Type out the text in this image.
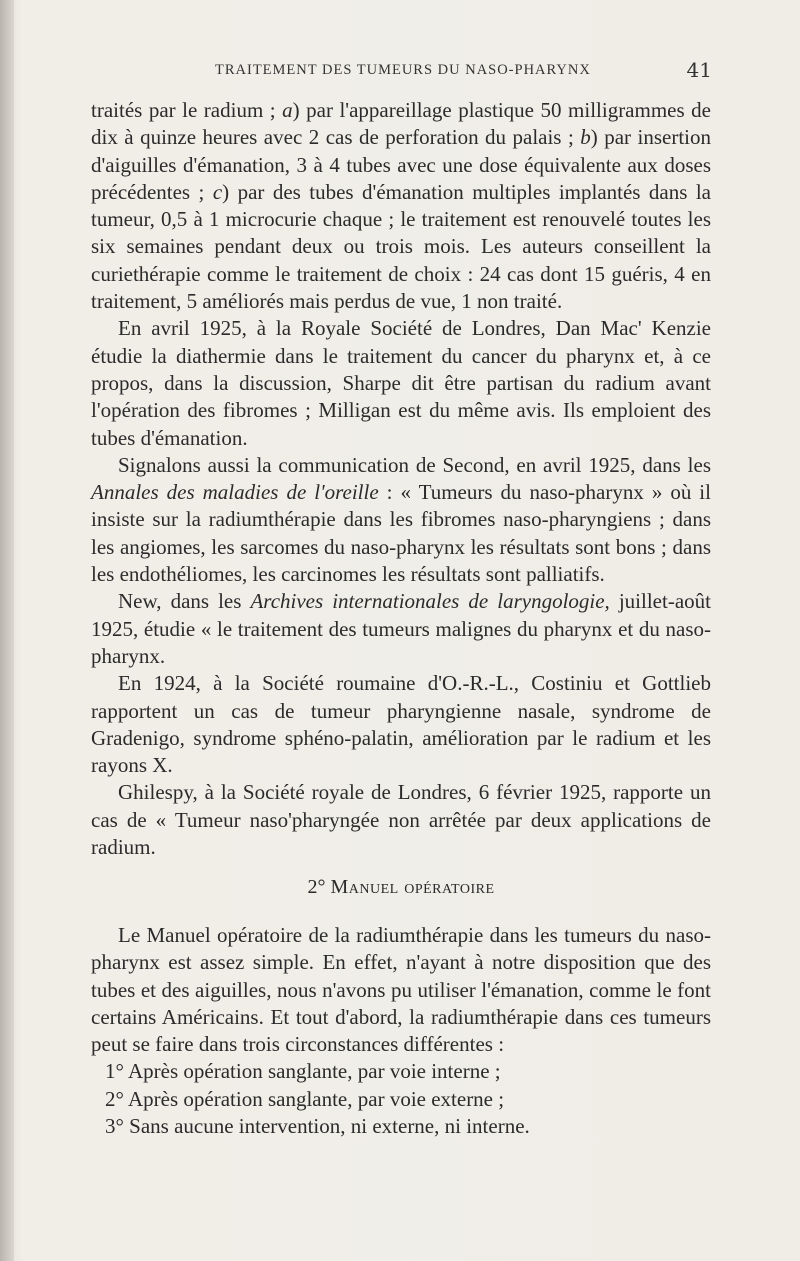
TRAITEMENT DES TUMEURS DU NASO-PHARYNX	41

traités par le radium ; a) par l'appareillage plastique 50 milligrammes de dix à quinze heures avec 2 cas de perforation du palais ; b) par insertion d'aiguilles d'émanation, 3 à 4 tubes avec une dose équivalente aux doses précédentes ; c) par des tubes d'émanation multiples implantés dans la tumeur, 0,5 à 1 microcurie chaque ; le traitement est renouvelé toutes les six semaines pendant deux ou trois mois. Les auteurs conseillent la curiethérapie comme le traitement de choix : 24 cas dont 15 guéris, 4 en traitement, 5 améliorés mais perdus de vue, 1 non traité.

En avril 1925, à la Royale Société de Londres, Dan Mac' Kenzie étudie la diathermie dans le traitement du cancer du pharynx et, à ce propos, dans la discussion, Sharpe dit être partisan du radium avant l'opération des fibromes ; Milligan est du même avis. Ils emploient des tubes d'émanation.

Signalons aussi la communication de Second, en avril 1925, dans les Annales des maladies de l'oreille : « Tumeurs du naso-pharynx » où il insiste sur la radiumthérapie dans les fibromes naso-pharyngiens ; dans les angiomes, les sarcomes du naso-pharynx les résultats sont bons ; dans les endothéliomes, les carcinomes les résultats sont palliatifs.

New, dans les Archives internationales de laryngologie, juillet-août 1925, étudie « le traitement des tumeurs malignes du pharynx et du naso-pharynx.

En 1924, à la Société roumaine d'O.-R.-L., Costiniu et Gottlieb rapportent un cas de tumeur pharyngienne nasale, syndrome de Gradenigo, syndrome sphéno-palatin, amélioration par le radium et les rayons X.

Ghilespy, à la Société royale de Londres, 6 février 1925, rapporte un cas de « Tumeur naso'pharyngée non arrêtée par deux applications de radium.

2° Manuel opératoire

Le Manuel opératoire de la radiumthérapie dans les tumeurs du naso-pharynx est assez simple. En effet, n'ayant à notre disposition que des tubes et des aiguilles, nous n'avons pu utiliser l'émanation, comme le font certains Américains. Et tout d'abord, la radiumthérapie dans ces tumeurs peut se faire dans trois circonstances différentes :

1° Après opération sanglante, par voie interne ;

2° Après opération sanglante, par voie externe ;

3° Sans aucune intervention, ni externe, ni interne.
